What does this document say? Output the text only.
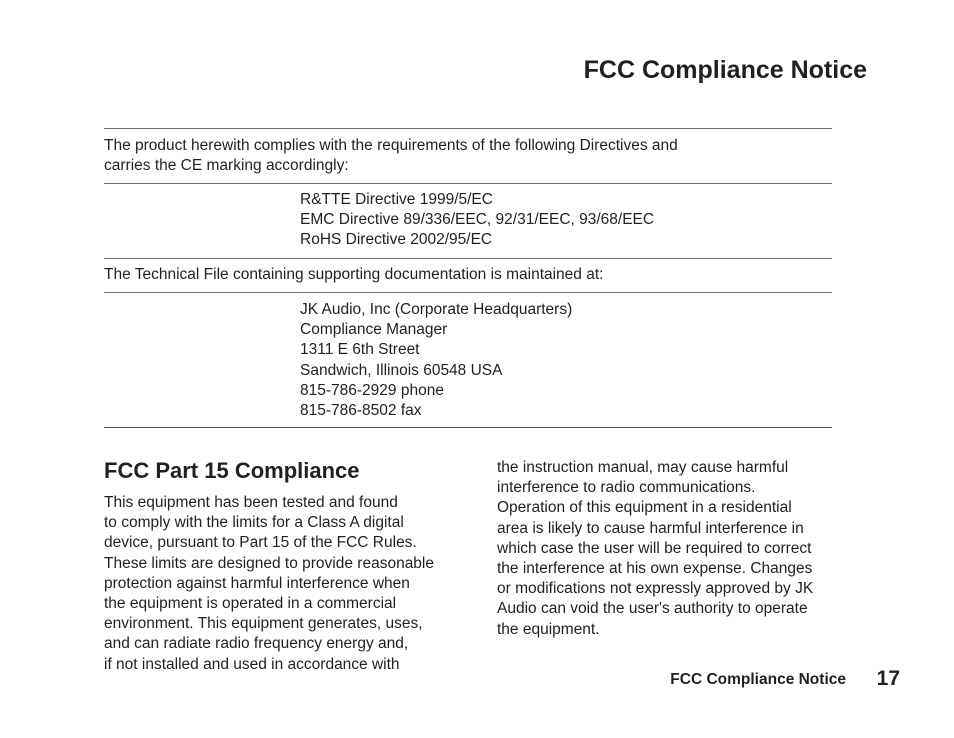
FCC Compliance Notice
The product herewith complies with the requirements of the following Directives and
carries the CE marking accordingly:
R&TTE Directive 1999/5/EC
EMC Directive 89/336/EEC, 92/31/EEC, 93/68/EEC
RoHS Directive 2002/95/EC
The Technical File containing supporting documentation is maintained at:
JK Audio, Inc (Corporate Headquarters)
Compliance Manager
1311 E 6th Street
Sandwich, Illinois 60548 USA
815-786-2929 phone
815-786-8502 fax
FCC Part 15 Compliance
This equipment has been tested and found
to comply with the limits for a Class A digital
device, pursuant to Part 15 of the FCC Rules.
These limits are designed to provide reasonable
protection against harmful interference when
the equipment is operated in a commercial
environment. This equipment generates, uses,
and can radiate radio frequency energy and,
if not installed and used in accordance with
the instruction manual, may cause harmful
interference to radio communications.
Operation of this equipment in a residential
area is likely to cause harmful interference in
which case the user will be required to correct
the interference at his own expense. Changes
or modifications not expressly approved by JK
Audio can void the user's authority to operate
the equipment.
FCC Compliance Notice 17
